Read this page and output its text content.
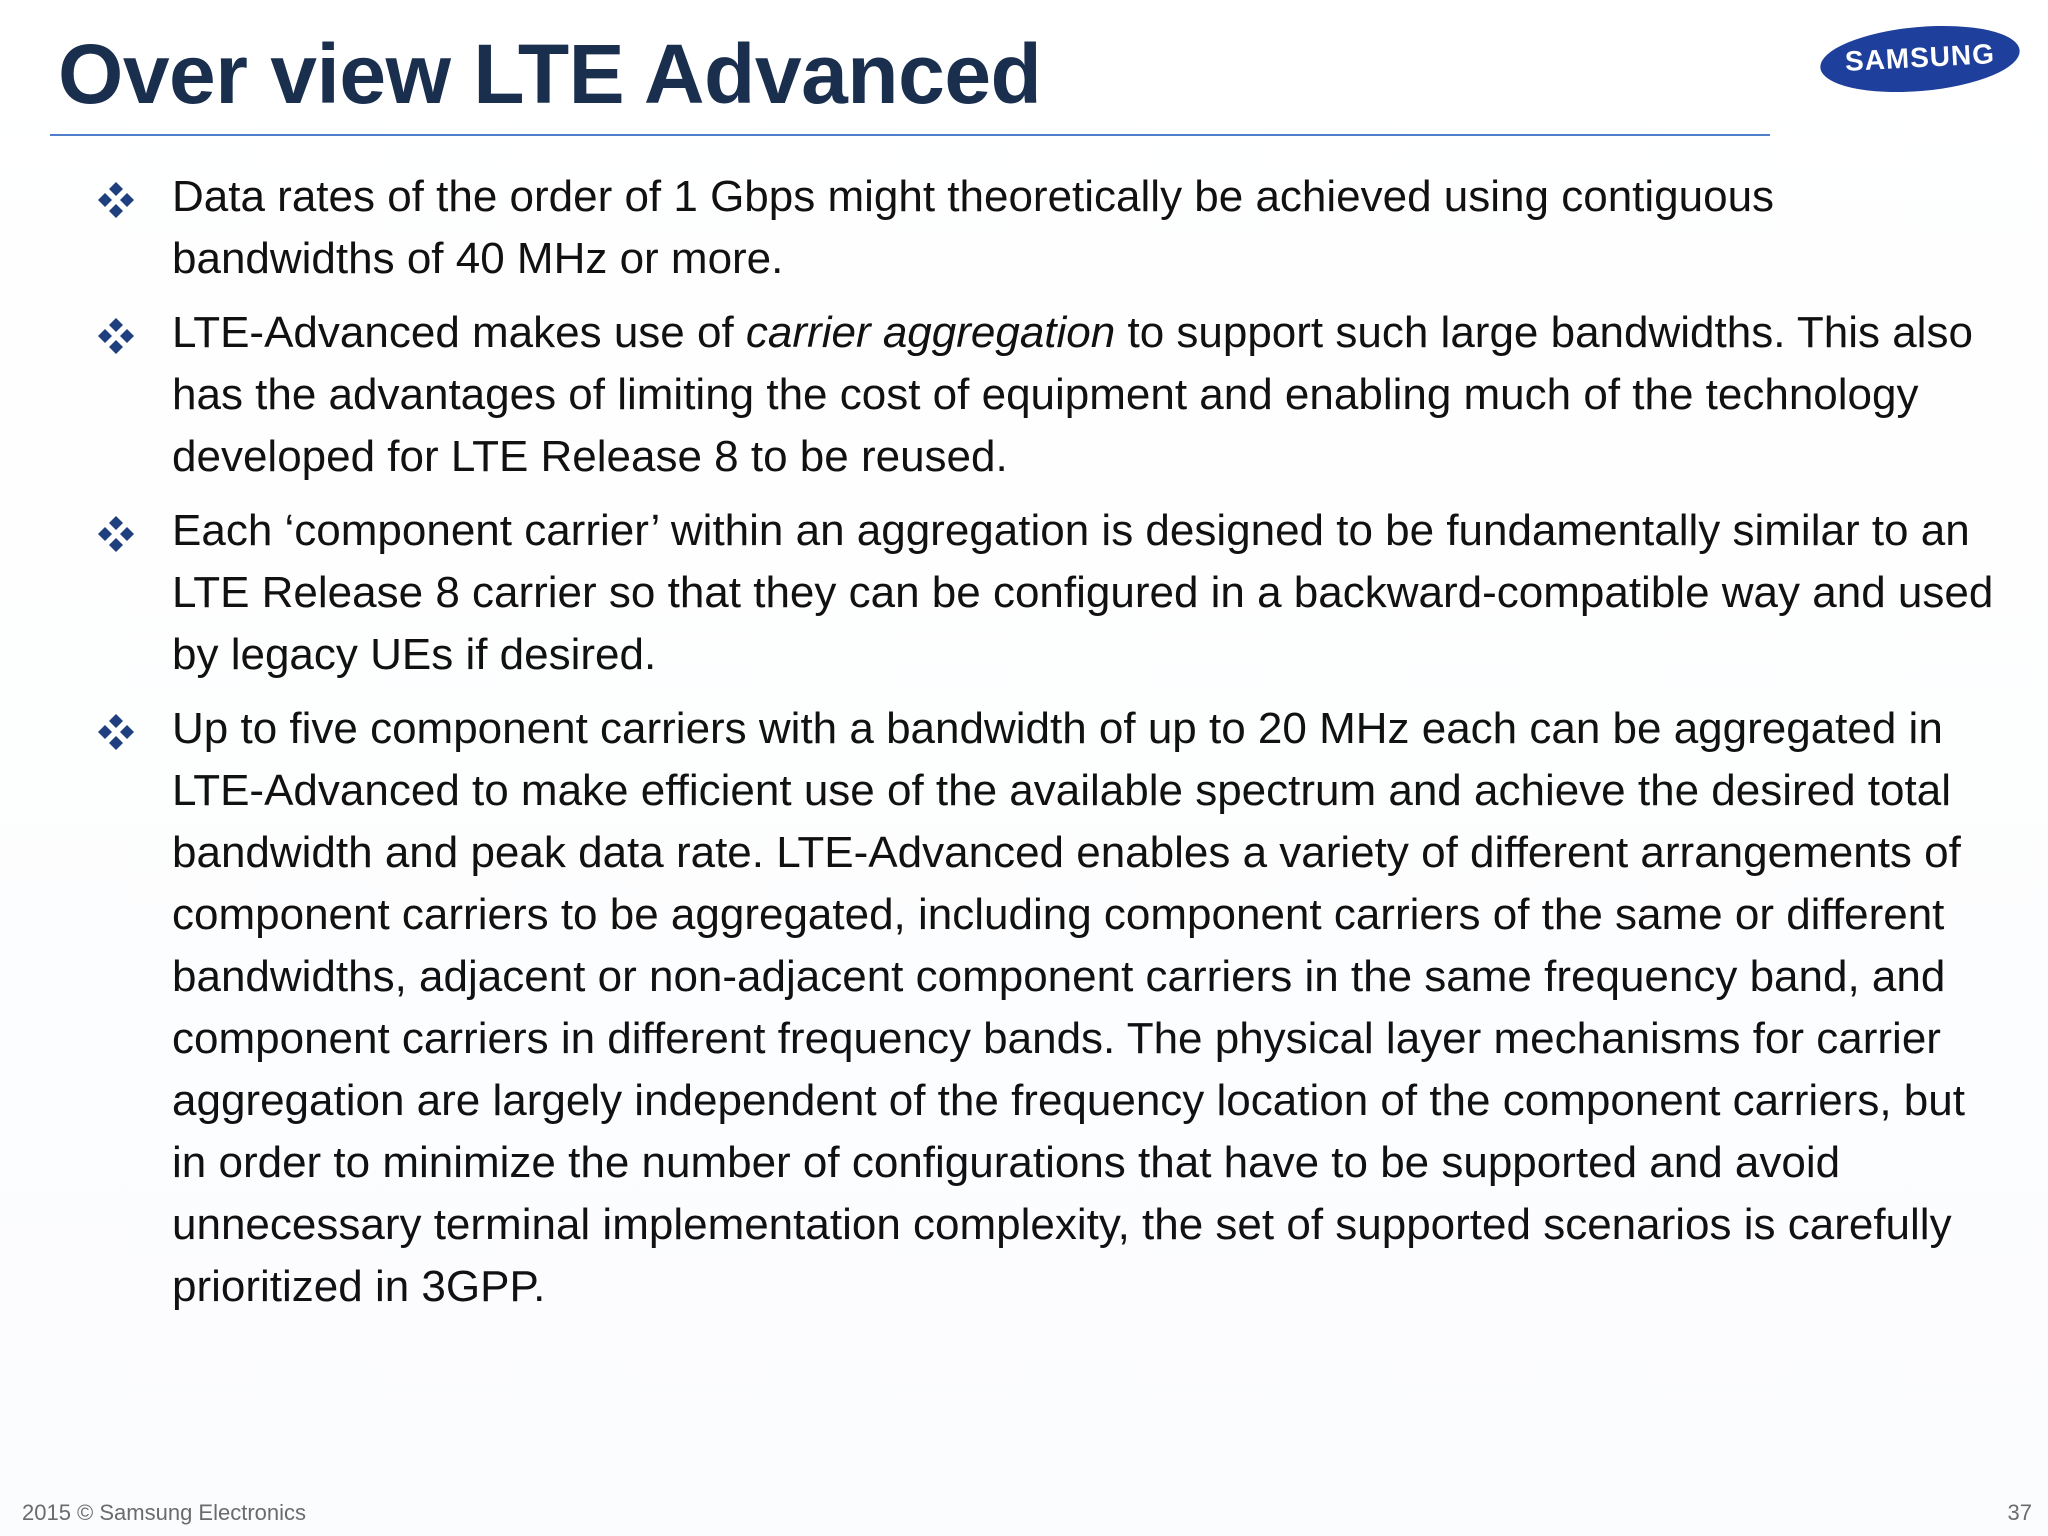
Over view LTE Advanced	SAMSUNG
Data rates of the order of 1 Gbps might theoretically be achieved using contiguous bandwidths of 40 MHz or more.
LTE-Advanced makes use of carrier aggregation to support such large bandwidths. This also has the advantages of limiting the cost of equipment and enabling much of the technology developed for LTE Release 8 to be reused.
Each ‘component carrier’ within an aggregation is designed to be fundamentally similar to an LTE Release 8 carrier so that they can be configured in a backward-compatible way and used by legacy UEs if desired.
Up to five component carriers with a bandwidth of up to 20 MHz each can be aggregated in LTE-Advanced to make efficient use of the available spectrum and achieve the desired total bandwidth and peak data rate. LTE-Advanced enables a variety of different arrangements of component carriers to be aggregated, including component carriers of the same or different bandwidths, adjacent or non-adjacent component carriers in the same frequency band, and component carriers in different frequency bands. The physical layer mechanisms for carrier aggregation are largely independent of the frequency location of the component carriers, but in order to minimize the number of configurations that have to be supported and avoid unnecessary terminal implementation complexity, the set of supported scenarios is carefully prioritized in 3GPP.
2015 © Samsung Electronics	37
